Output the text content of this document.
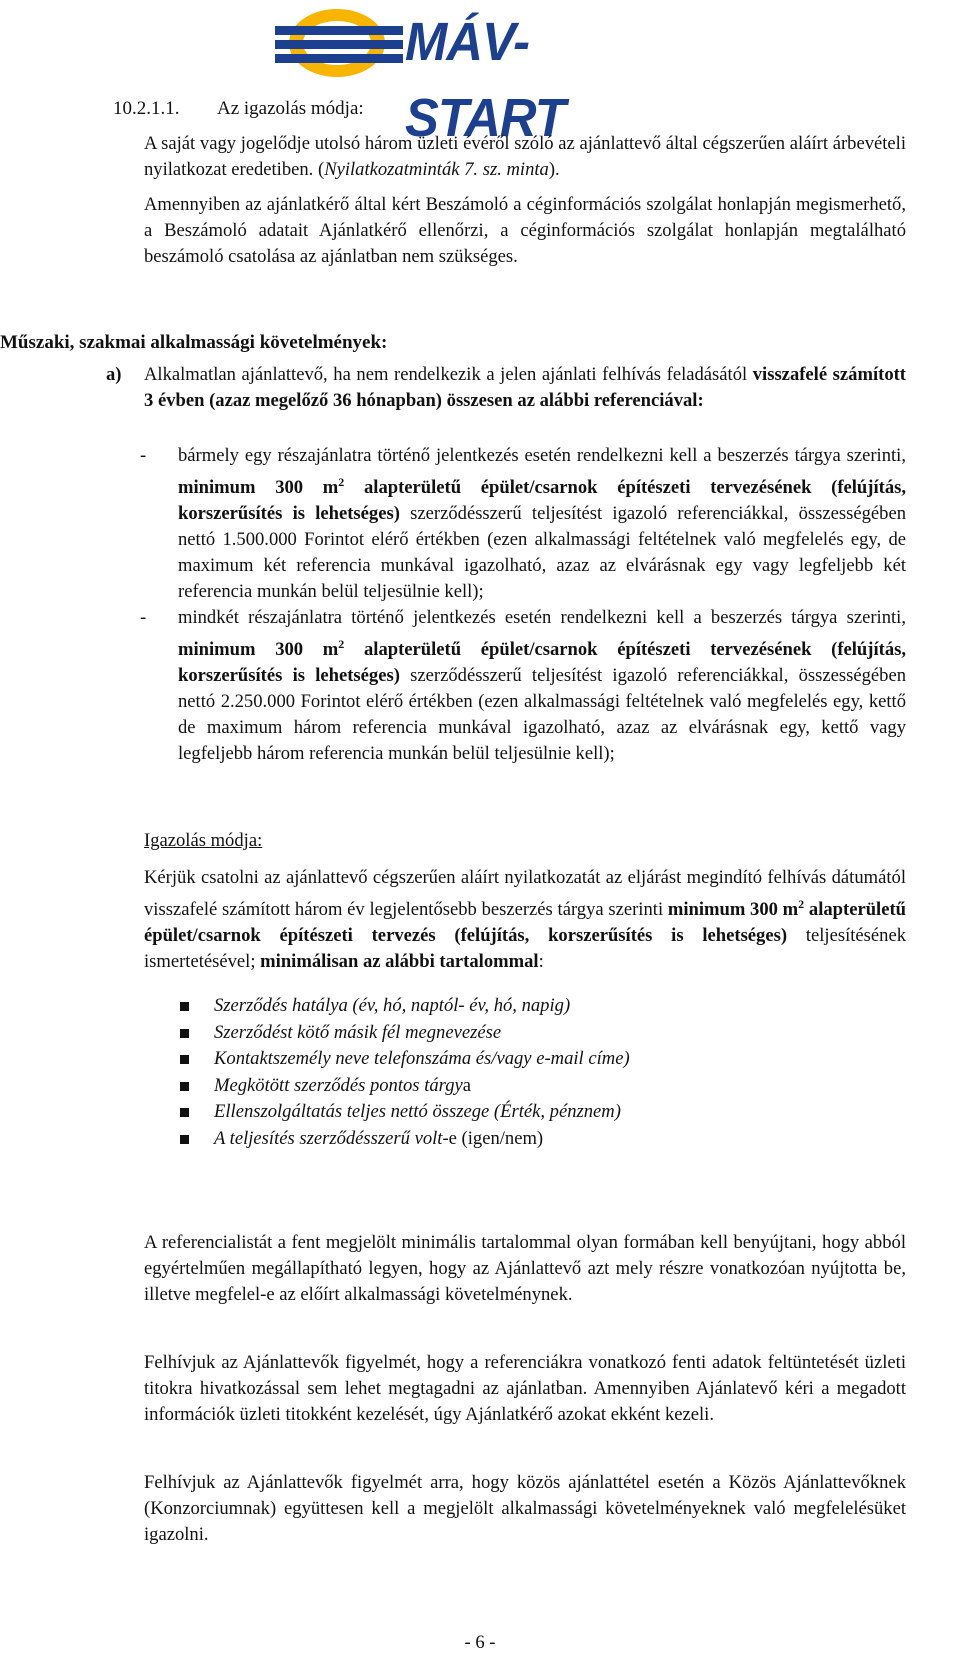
MÁV-START
10.2.1.1. Az igazolás módja:

A saját vagy jogelődje utolsó három üzleti évéről szóló az ajánlattevő által cégszerűen aláírt árbevételi nyilatkozat eredetiben. (Nyilatkozatminták 7. sz. minta).

Amennyiben az ajánlatkérő által kért Beszámoló a céginformációs szolgálat honlapján megismerhető, a Beszámoló adatait Ajánlatkérő ellenőrzi, a céginformációs szolgálat honlapján megtalálható beszámoló csatolása az ajánlatban nem szükséges.

Műszaki, szakmai alkalmassági követelmények:
a) Alkalmatlan ajánlattevő, ha nem rendelkezik a jelen ajánlati felhívás feladásától visszafelé számított 3 évben (azaz megelőző 36 hónapban) összesen az alábbi referenciával:

- bármely egy részajánlatra történő jelentkezés esetén rendelkezni kell a beszerzés tárgya szerinti, minimum 300 $m^2$ alapterületű épület/csarnok építészeti tervezésének (felújítás, korszerűsítés is lehetséges) szerződésszerű teljesítést igazoló referenciákkal, összességében nettó 1.500.000 Forintot elérő értékben (ezen alkalmassági feltételnek való megfelelés egy, de maximum két referencia munkával igazolható, azaz az elvárásnak egy vagy legfeljebb két referencia munkán belül teljesülnie kell);
- mindkét részajánlatra történő jelentkezés esetén rendelkezni kell a beszerzés tárgya szerinti, minimum 300 $m^2$ alapterületű épület/csarnok építészeti tervezésének (felújítás, korszerűsítés is lehetséges) szerződésszerű teljesítést igazoló referenciákkal, összességében nettó 2.250.000 Forintot elérő értékben (ezen alkalmassági feltételnek való megfelelés egy, kettő de maximum három referencia munkával igazolható, azaz az elvárásnak egy, kettő vagy legfeljebb három referencia munkán belül teljesülnie kell);
Igazolás módja:

Kérjük csatolni az ajánlattevő cégszerűen aláírt nyilatkozatát az eljárást megindító felhívás dátumától visszafelé számított három év legjelentősebb beszerzés tárgya szerinti minimum 300 $m^2$ alapterületű épület/csarnok építészeti tervezés (felújítás, korszerűsítés is lehetséges) teljesítésének ismertetésével; minimálisan az alábbi tartalommal:

Szerződés hatálya (év, hó, naptól- év, hó, napig)
Szerződést kötő másik fél megnevezése
Kontaktszemély neve telefonszáma és/vagy e-mail címe)
Megkötött szerződés pontos tárgya
Ellenszolgáltatás teljes nettó összege (Érték, pénznem)
A teljesítés szerződésszerű volt-e (igen/nem)

A referencialistát a fent megjelölt minimális tartalommal olyan formában kell benyújtani, hogy abból egyértelműen megállapítható legyen, hogy az Ajánlattevő azt mely részre vonatkozóan nyújtotta be, illetve megfelel-e az előírt alkalmassági követelménynek.

Felhívjuk az Ajánlattevők figyelmét, hogy a referenciákra vonatkozó fenti adatok feltüntetését üzleti titokra hivatkozással sem lehet megtagadni az ajánlatban. Amennyiben Ajánlatevő kéri a megadott információk üzleti titokként kezelését, úgy Ajánlatkérő azokat ekként kezeli.

Felhívjuk az Ajánlattevők figyelmét arra, hogy közös ajánlattétel esetén a Közös Ajánlattevőknek (Konzorciumnak) együttesen kell a megjelölt alkalmassági követelményeknek való megfelelésüket igazolni.

- 6 -
